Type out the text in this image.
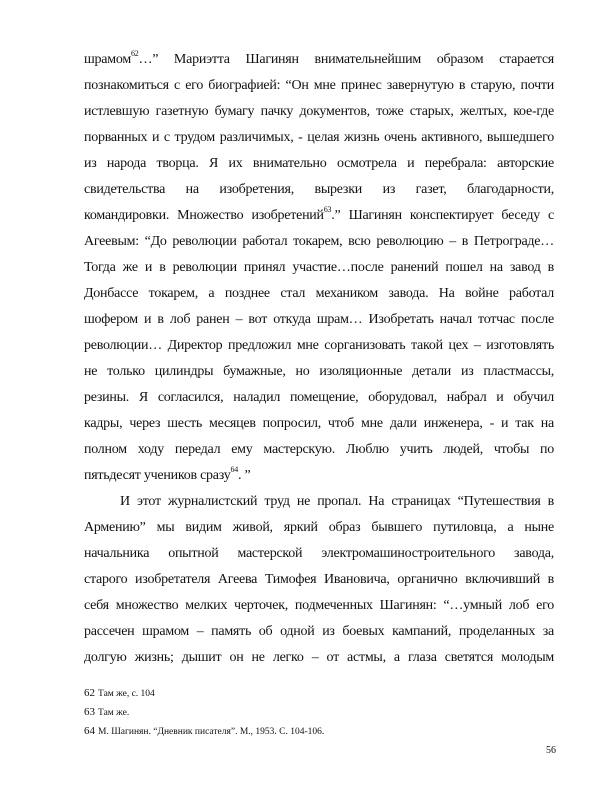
шрамом$^{62}$…” Мариэтта Шагинян внимательнейшим образом старается
познакомиться с его биографией: “Он мне принес завернутую в старую, почти
истлевшую газетную бумагу пачку документов, тоже старых, желтых, кое-где
порванных и с трудом различимых, - целая жизнь очень активного, вышедшего
из народа творца. Я их внимательно осмотрела и перебрала: авторские
свидетельства на изобретения, вырезки из газет, благодарности,
командировки. Множество изобретений$^{63}$.” Шагинян конспектирует беседу с
Агеевым: “До революции работал токарем, всю революцию – в Петрограде…
Тогда же и в революции принял участие…после ранений пошел на завод в
Донбассе токарем, а позднее стал механиком завода. На войне работал
шофером и в лоб ранен – вот откуда шрам… Изобретать начал тотчас после
революции… Директор предложил мне сорганизовать такой цех – изготовлять
не только цилиндры бумажные, но изоляционные детали из пластмассы,
резины. Я согласился, наладил помещение, оборудовал, набрал и обучил
кадры, через шесть месяцев попросил, чтоб мне дали инженера, - и так на
полном ходу передал ему мастерскую. Люблю учить людей, чтобы по
пятьдесят учеников сразу$^{64}$. ”
И этот журналистский труд не пропал. На страницах “Путешествия в
Армению” мы видим живой, яркий образ бывшего путиловца, а ныне
начальника опытной мастерской электромашиностроительного завода,
старого изобретателя Агеева Тимофея Ивановича, органично включивший в
себя множество мелких черточек, подмеченных Шагинян: “…умный лоб его
рассечен шрамом – память об одной из боевых кампаний, проделанных за
долгую жизнь; дышит он не легко – от астмы, а глаза светятся молодым
62 Там же, с. 104
63 Там же.
64 М. Шагинян. “Дневник писателя”. М., 1953. С. 104-106.
56
